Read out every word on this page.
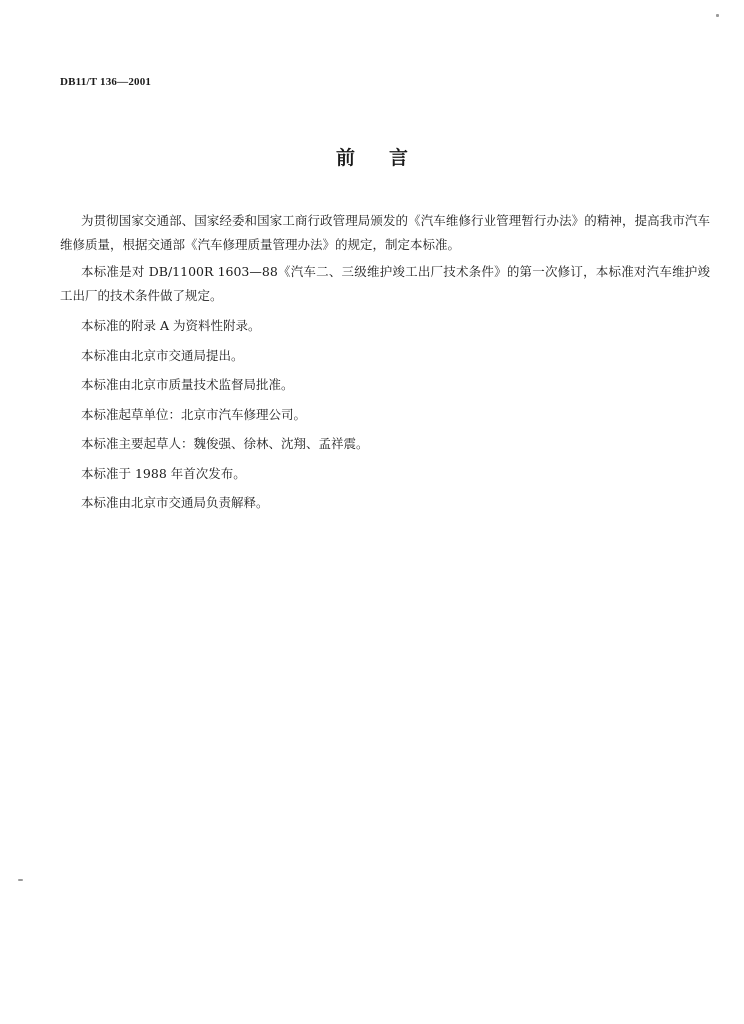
DB11/T 136—2001
前 言

为贯彻国家交通部、国家经委和国家工商行政管理局颁发的《汽车维修行业管理暂行办法》的精神，提高我市汽车维修质量，根据交通部《汽车修理质量管理办法》的规定，制定本标准。

本标准是对 DB/1100R 1603—88《汽车二、三级维护竣工出厂技术条件》的第一次修订，本标准对汽车维护竣工出厂的技术条件做了规定。

本标准的附录 A 为资料性附录。

本标准由北京市交通局提出。

本标准由北京市质量技术监督局批准。

本标准起草单位：北京市汽车修理公司。

本标准主要起草人：魏俊强、徐林、沈翔、孟祥震。

本标准于 1988 年首次发布。

本标准由北京市交通局负责解释。
